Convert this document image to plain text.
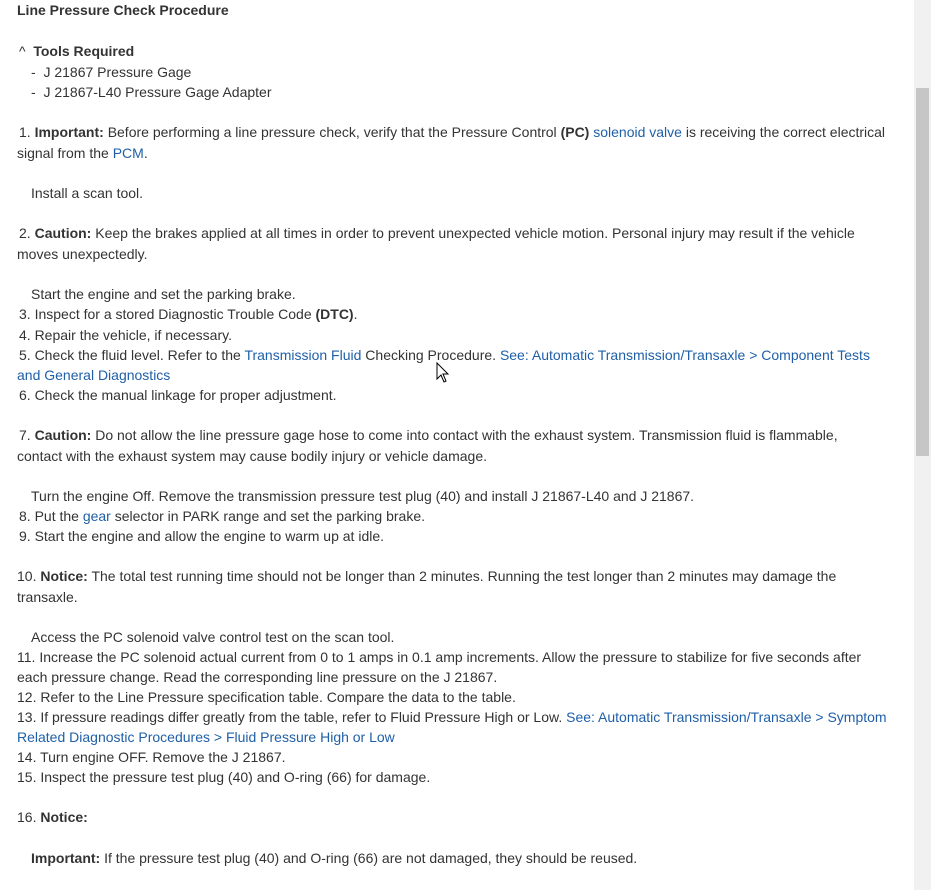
Line Pressure Check Procedure
^ Tools Required
- J 21867 Pressure Gage
- J 21867-L40 Pressure Gage Adapter
1. Important: Before performing a line pressure check, verify that the Pressure Control (PC) solenoid valve is receiving the correct electrical
signal from the PCM.
Install a scan tool.
2. Caution: Keep the brakes applied at all times in order to prevent unexpected vehicle motion. Personal injury may result if the vehicle
moves unexpectedly.
Start the engine and set the parking brake.
3. Inspect for a stored Diagnostic Trouble Code (DTC).
4. Repair the vehicle, if necessary.
5. Check the fluid level. Refer to the Transmission Fluid Checking Procedure. See: Automatic Transmission/Transaxle > Component Tests
and General Diagnostics
6. Check the manual linkage for proper adjustment.
7. Caution: Do not allow the line pressure gage hose to come into contact with the exhaust system. Transmission fluid is flammable,
contact with the exhaust system may cause bodily injury or vehicle damage.
Turn the engine Off. Remove the transmission pressure test plug (40) and install J 21867-L40 and J 21867.
8. Put the gear selector in PARK range and set the parking brake.
9. Start the engine and allow the engine to warm up at idle.
10. Notice: The total test running time should not be longer than 2 minutes. Running the test longer than 2 minutes may damage the
transaxle.
Access the PC solenoid valve control test on the scan tool.
11. Increase the PC solenoid actual current from 0 to 1 amps in 0.1 amp increments. Allow the pressure to stabilize for five seconds after
each pressure change. Read the corresponding line pressure on the J 21867.
12. Refer to the Line Pressure specification table. Compare the data to the table.
13. If pressure readings differ greatly from the table, refer to Fluid Pressure High or Low. See: Automatic Transmission/Transaxle > Symptom
Related Diagnostic Procedures > Fluid Pressure High or Low
14. Turn engine OFF. Remove the J 21867.
15. Inspect the pressure test plug (40) and O-ring (66) for damage.
16. Notice:
Important: If the pressure test plug (40) and O-ring (66) are not damaged, they should be reused.
